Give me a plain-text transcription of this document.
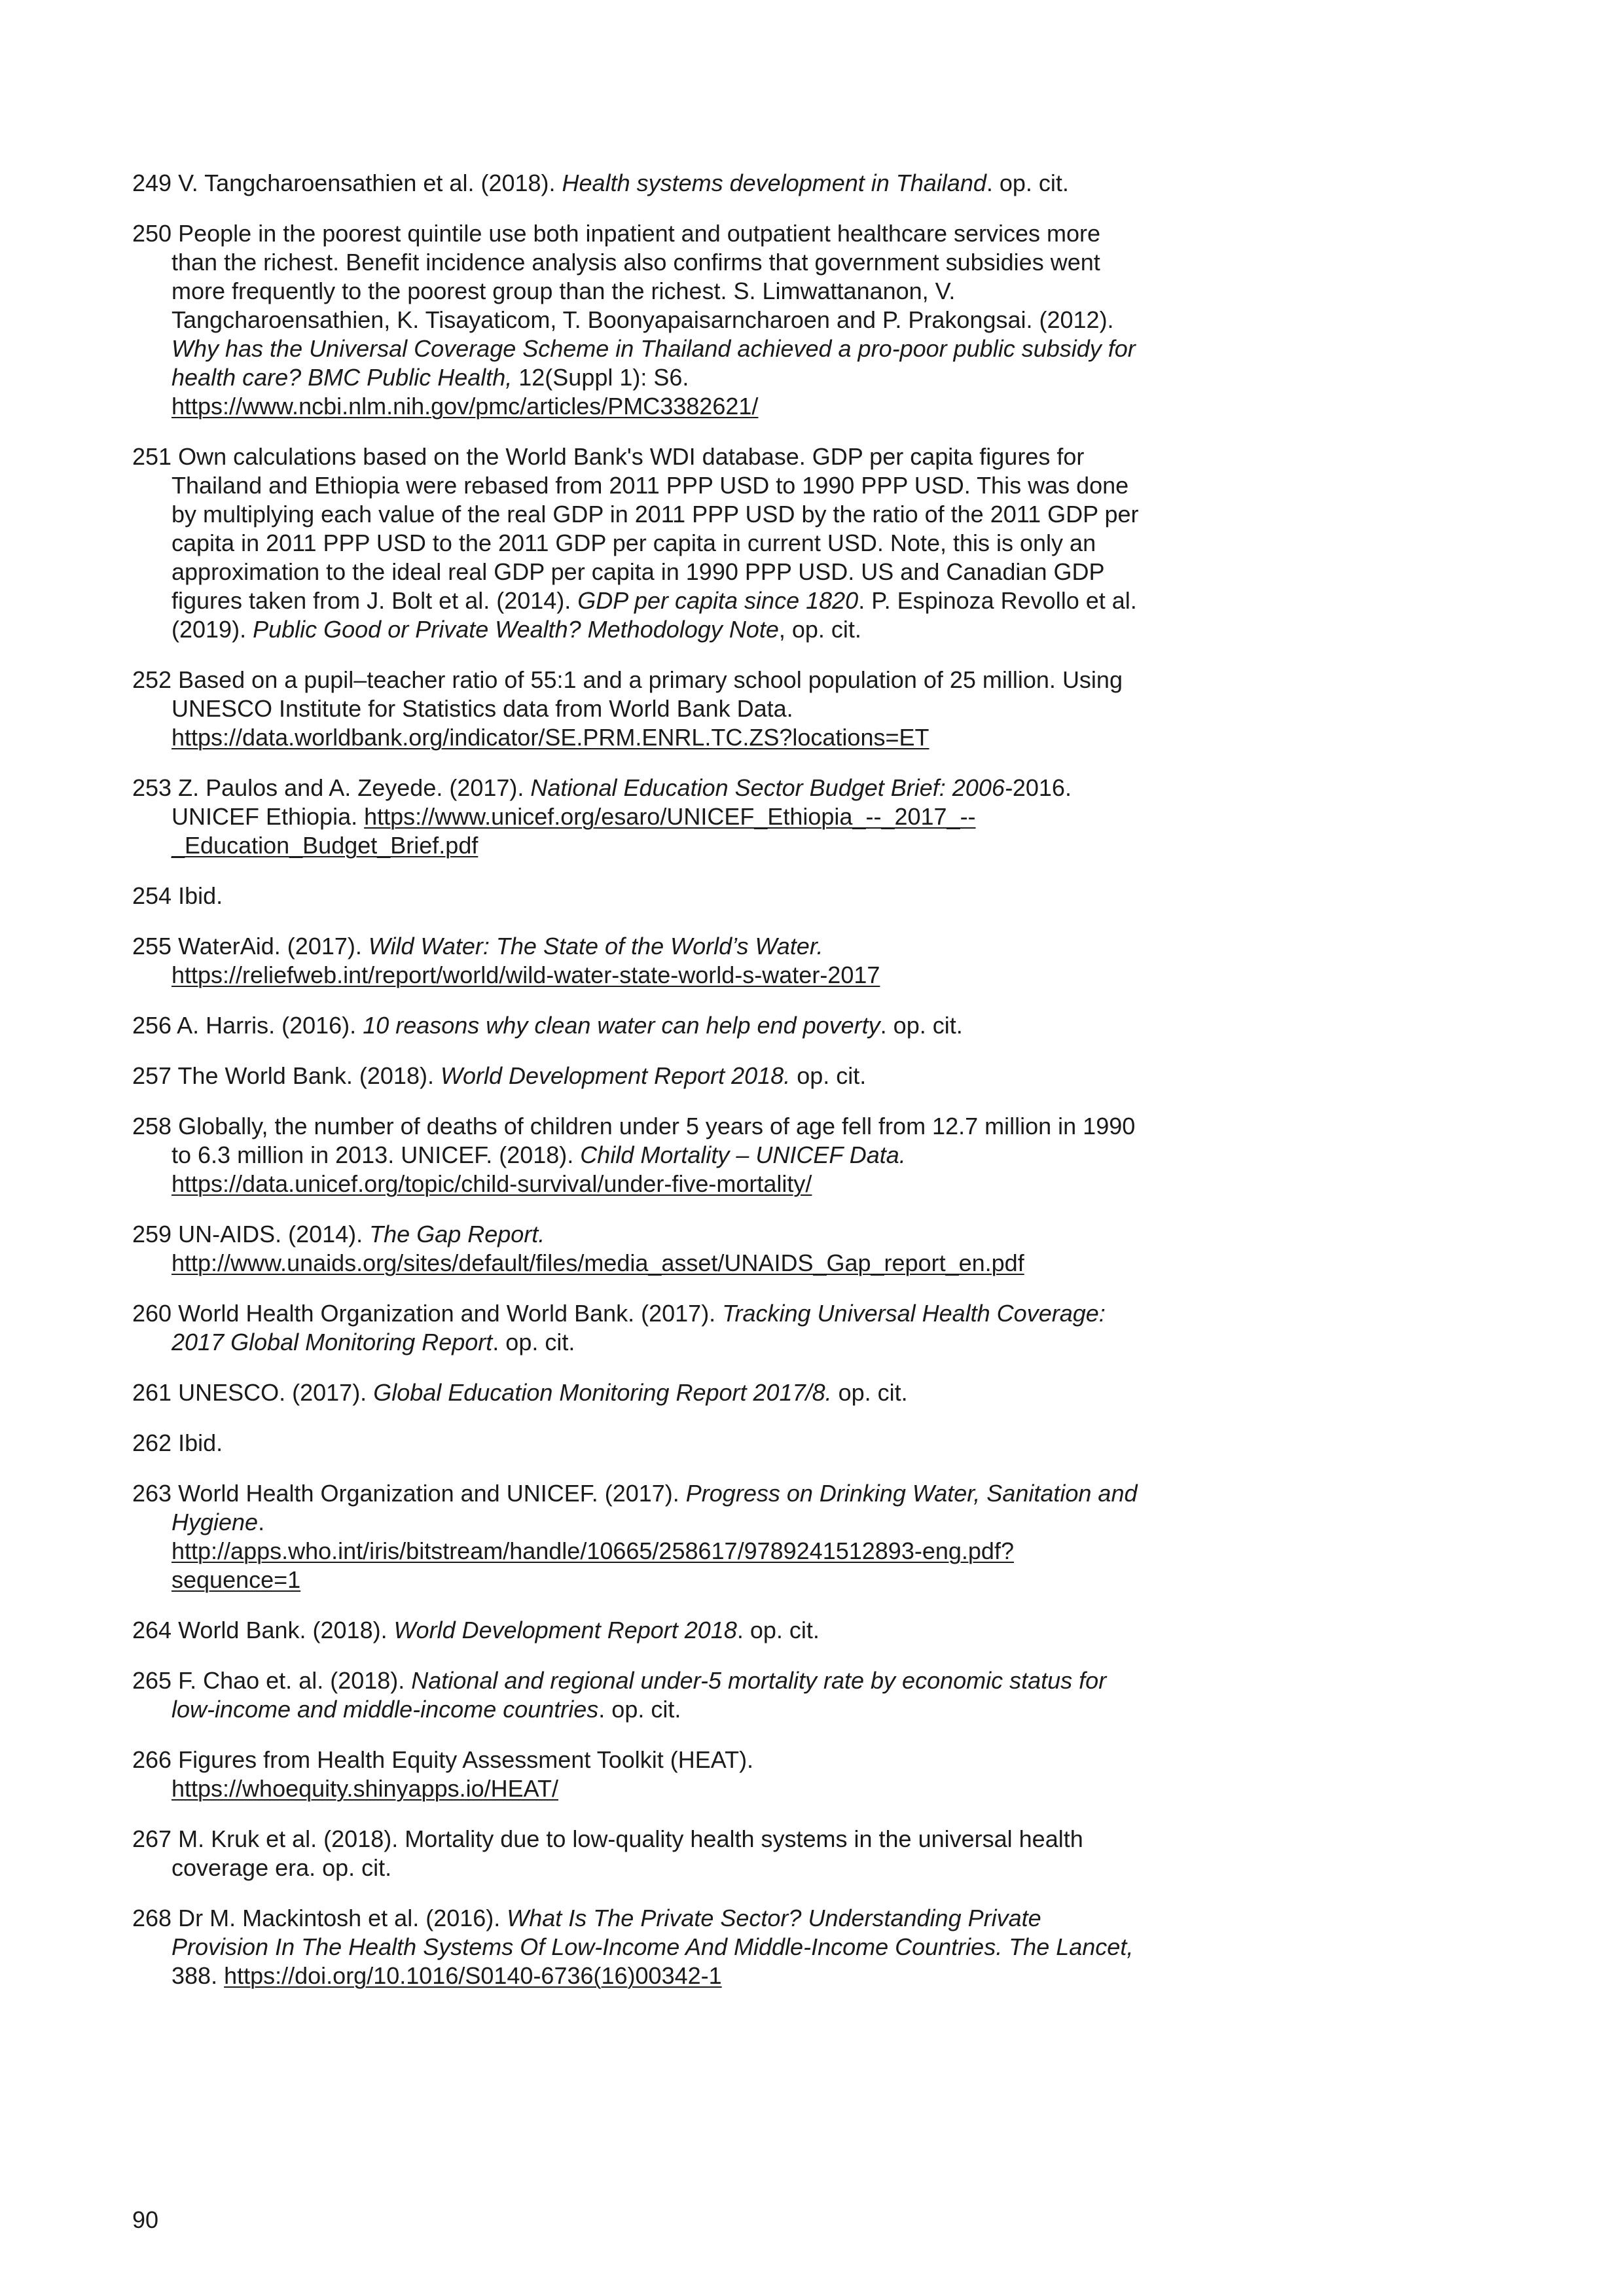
249 V. Tangcharoensathien et al. (2018). Health systems development in Thailand. op. cit.

250 People in the poorest quintile use both inpatient and outpatient healthcare services more than the richest. Benefit incidence analysis also confirms that government subsidies went more frequently to the poorest group than the richest. S. Limwattananon, V. Tangcharoensathien, K. Tisayaticom, T. Boonyapaisarncharoen and P. Prakongsai. (2012). Why has the Universal Coverage Scheme in Thailand achieved a pro-poor public subsidy for health care? BMC Public Health, 12(Suppl 1): S6. https://www.ncbi.nlm.nih.gov/pmc/articles/PMC3382621/

251 Own calculations based on the World Bank's WDI database. GDP per capita figures for Thailand and Ethiopia were rebased from 2011 PPP USD to 1990 PPP USD. This was done by multiplying each value of the real GDP in 2011 PPP USD by the ratio of the 2011 GDP per capita in 2011 PPP USD to the 2011 GDP per capita in current USD. Note, this is only an approximation to the ideal real GDP per capita in 1990 PPP USD. US and Canadian GDP figures taken from J. Bolt et al. (2014). GDP per capita since 1820. P. Espinoza Revollo et al. (2019). Public Good or Private Wealth? Methodology Note, op. cit.

252 Based on a pupil–teacher ratio of 55:1 and a primary school population of 25 million. Using UNESCO Institute for Statistics data from World Bank Data. https://data.worldbank.org/indicator/SE.PRM.ENRL.TC.ZS?locations=ET

253 Z. Paulos and A. Zeyede. (2017). National Education Sector Budget Brief: 2006-2016. UNICEF Ethiopia. https://www.unicef.org/esaro/UNICEF_Ethiopia_--_2017_--_Education_Budget_Brief.pdf

254 Ibid.

255 WaterAid. (2017). Wild Water: The State of the World’s Water.
https://reliefweb.int/report/world/wild-water-state-world-s-water-2017

256 A. Harris. (2016). 10 reasons why clean water can help end poverty. op. cit.

257 The World Bank. (2018). World Development Report 2018. op. cit.

258 Globally, the number of deaths of children under 5 years of age fell from 12.7 million in 1990 to 6.3 million in 2013. UNICEF. (2018). Child Mortality – UNICEF Data.
https://data.unicef.org/topic/child-survival/under-five-mortality/

259 UN-AIDS. (2014). The Gap Report.
http://www.unaids.org/sites/default/files/media_asset/UNAIDS_Gap_report_en.pdf

260 World Health Organization and World Bank. (2017). Tracking Universal Health Coverage: 2017 Global Monitoring Report. op. cit.

261 UNESCO. (2017). Global Education Monitoring Report 2017/8. op. cit.

262 Ibid.

263 World Health Organization and UNICEF. (2017). Progress on Drinking Water, Sanitation and Hygiene.
http://apps.who.int/iris/bitstream/handle/10665/258617/9789241512893-eng.pdf?sequence=1

264 World Bank. (2018). World Development Report 2018. op. cit.

265 F. Chao et. al. (2018). National and regional under-5 mortality rate by economic status for low-income and middle-income countries. op. cit.

266 Figures from Health Equity Assessment Toolkit (HEAT).
https://whoequity.shinyapps.io/HEAT/

267 M. Kruk et al. (2018). Mortality due to low-quality health systems in the universal health coverage era. op. cit.

268 Dr M. Mackintosh et al. (2016). What Is The Private Sector? Understanding Private Provision In The Health Systems Of Low-Income And Middle-Income Countries. The Lancet, 388. https://doi.org/10.1016/S0140-6736(16)00342-1

90
